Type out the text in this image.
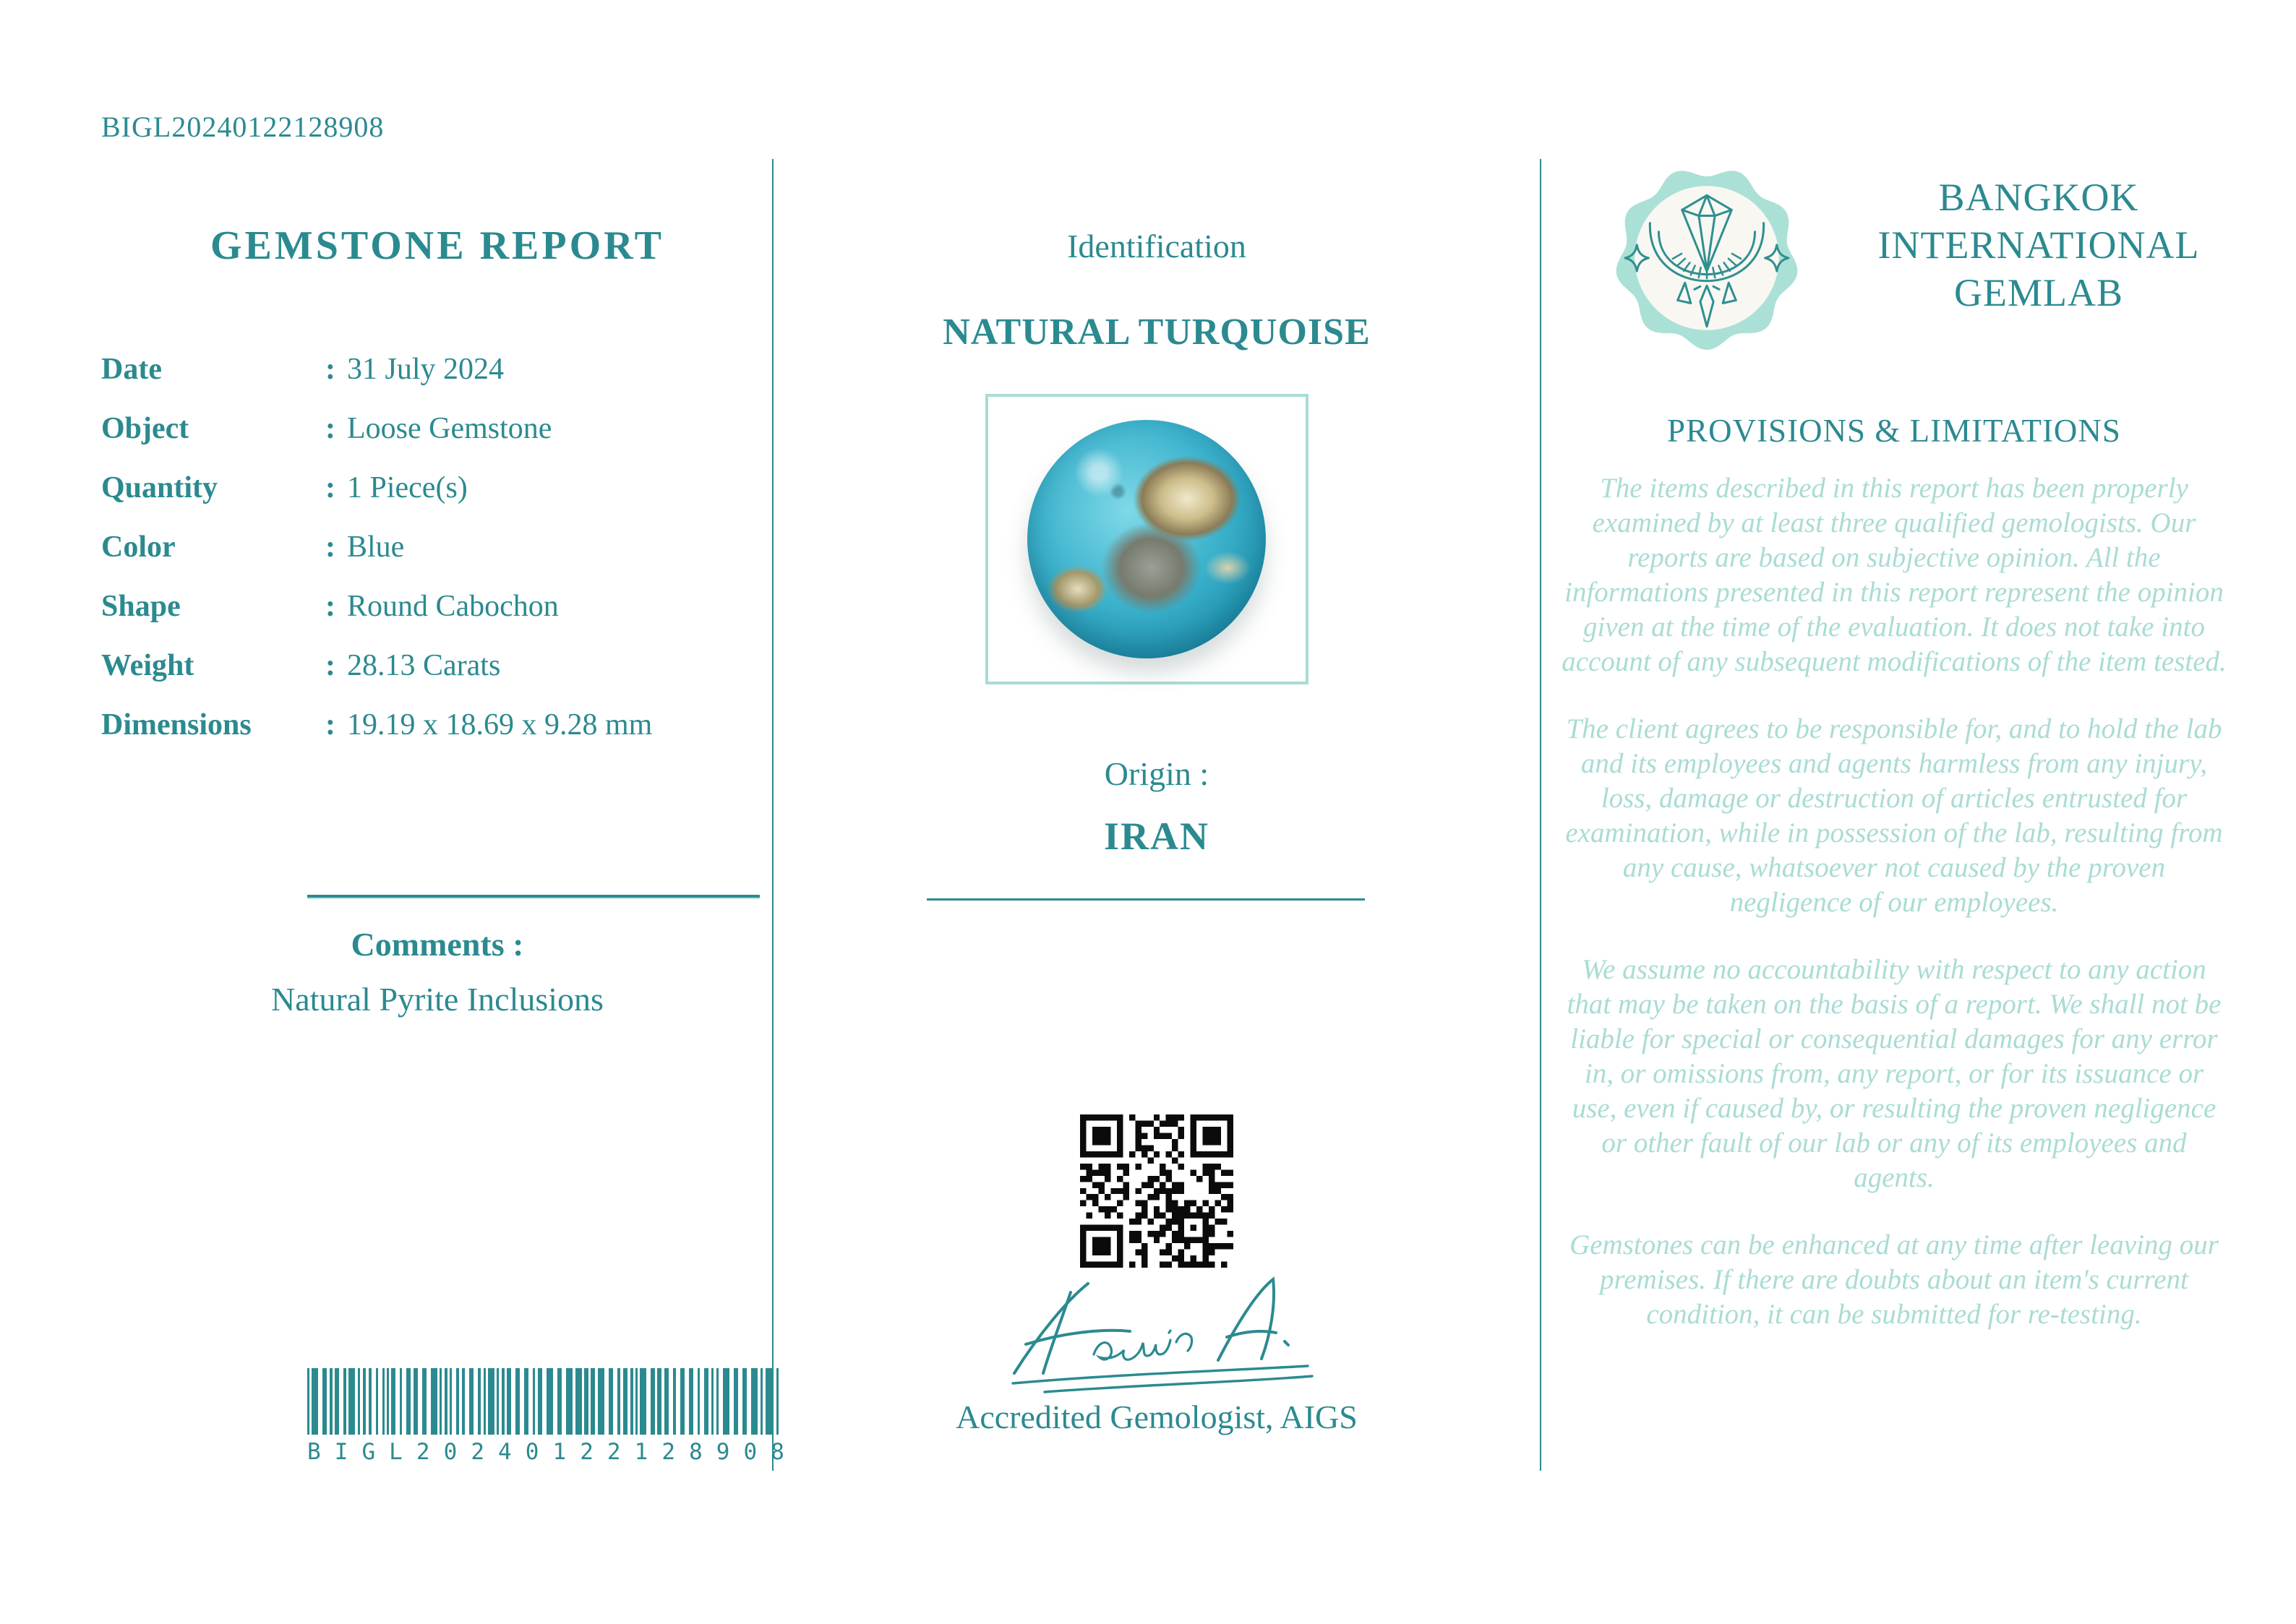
BIGL20240122128908
GEMSTONE REPORT
Date	: 31 July 2024
Object	: Loose Gemstone
Quantity	: 1 Piece(s)
Color	: Blue
Shape	: Round Cabochon
Weight	: 28.13 Carats
Dimensions	: 19.19 x 18.69 x 9.28 mm
Comments :
Natural Pyrite Inclusions
B I G L 2 0 2 4 0 1 2 2 1 2 8 9 0 8
Identification
NATURAL TURQUOISE
Origin :
IRAN
Accredited Gemologist, AIGS
BANGKOK
INTERNATIONAL
GEMLAB
PROVISIONS & LIMITATIONS

The items described in this report has been properly examined by at least three qualified gemologists. Our reports are based on subjective opinion. All the informations presented in this report represent the opinion given at the time of the evaluation. It does not take into account of any subsequent modifications of the item tested.

The client agrees to be responsible for, and to hold the lab and its employees and agents harmless from any injury, loss, damage or destruction of articles entrusted for examination, while in possession of the lab, resulting from any cause, whatsoever not caused by the proven negligence of our employees.

We assume no accountability with respect to any action that may be taken on the basis of a report. We shall not be liable for special or consequential damages for any error in, or omissions from, any report, or for its issuance or use, even if caused by, or resulting the proven negligence or other fault of our lab or any of its employees and agents.

Gemstones can be enhanced at any time after leaving our premises. If there are doubts about an item's current condition, it can be submitted for re-testing.
